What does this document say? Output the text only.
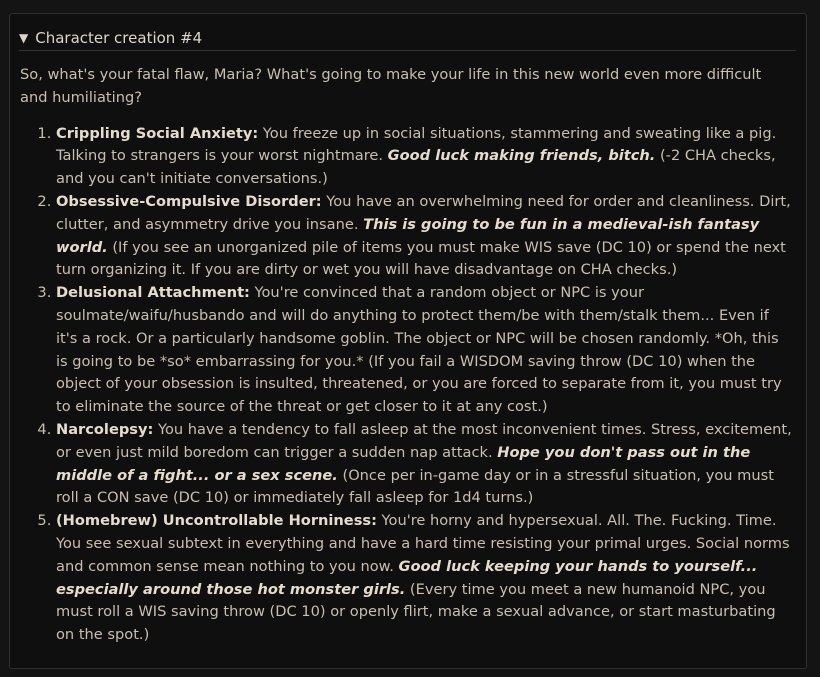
▼ Character creation #4

So, what's your fatal flaw, Maria? What's going to make your life in this new world even more difficult and humiliating?

1. Crippling Social Anxiety: You freeze up in social situations, stammering and sweating like a pig. Talking to strangers is your worst nightmare. Good luck making friends, bitch. (-2 CHA checks, and you can't initiate conversations.)
2. Obsessive-Compulsive Disorder: You have an overwhelming need for order and cleanliness. Dirt, clutter, and asymmetry drive you insane. This is going to be fun in a medieval-ish fantasy world. (If you see an unorganized pile of items you must make WIS save (DC 10) or spend the next turn organizing it. If you are dirty or wet you will have disadvantage on CHA checks.)
3. Delusional Attachment: You're convinced that a random object or NPC is your soulmate/waifu/husbando and will do anything to protect them/be with them/stalk them... Even if it's a rock. Or a particularly handsome goblin. The object or NPC will be chosen randomly. *Oh, this is going to be *so* embarrassing for you.* (If you fail a WISDOM saving throw (DC 10) when the object of your obsession is insulted, threatened, or you are forced to separate from it, you must try to eliminate the source of the threat or get closer to it at any cost.)
4. Narcolepsy: You have a tendency to fall asleep at the most inconvenient times. Stress, excitement, or even just mild boredom can trigger a sudden nap attack. Hope you don't pass out in the middle of a fight... or a sex scene. (Once per in-game day or in a stressful situation, you must roll a CON save (DC 10) or immediately fall asleep for 1d4 turns.)
5. (Homebrew) Uncontrollable Horniness: You're horny and hypersexual. All. The. Fucking. Time. You see sexual subtext in everything and have a hard time resisting your primal urges. Social norms and common sense mean nothing to you now. Good luck keeping your hands to yourself... especially around those hot monster girls. (Every time you meet a new humanoid NPC, you must roll a WIS saving throw (DC 10) or openly flirt, make a sexual advance, or start masturbating on the spot.)
